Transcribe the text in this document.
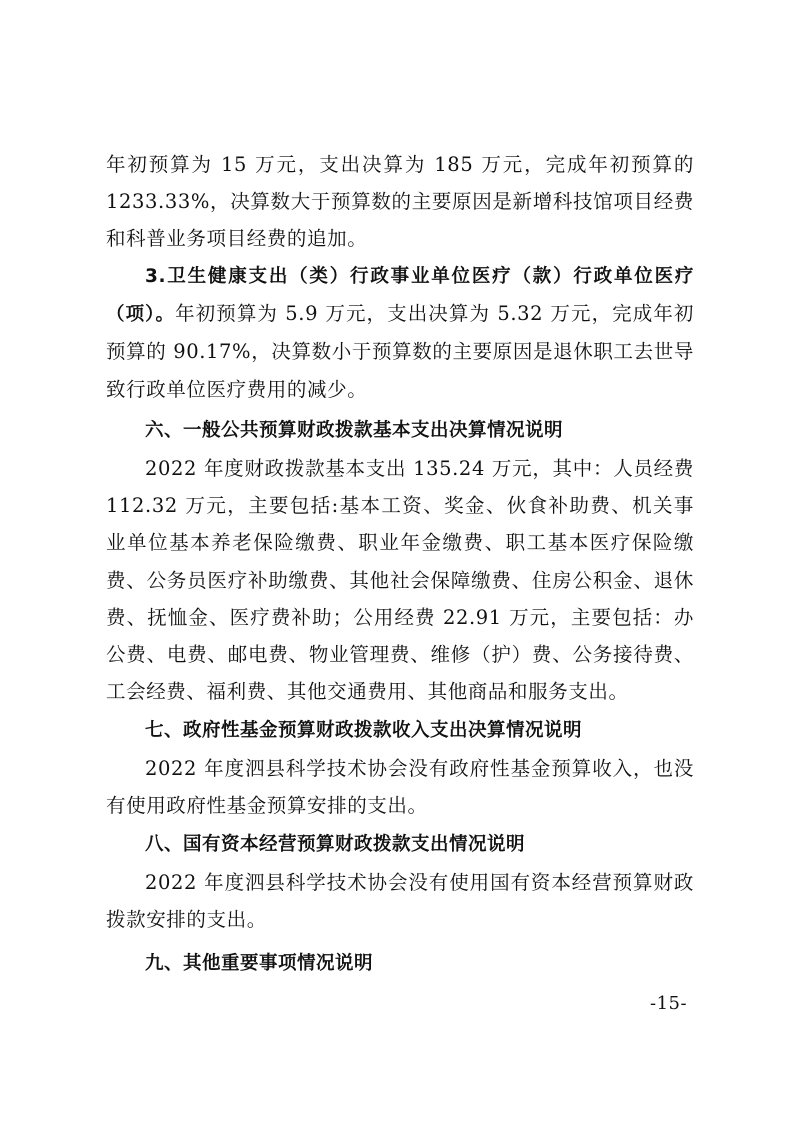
年初预算为 15 万元，支出决算为 185 万元，完成年初预算的 1233.33%，决算数大于预算数的主要原因是新增科技馆项目经费和科普业务项目经费的追加。

3.卫生健康支出（类）行政事业单位医疗（款）行政单位医疗（项）。年初预算为 5.9 万元，支出决算为 5.32 万元，完成年初预算的 90.17%，决算数小于预算数的主要原因是退休职工去世导致行政单位医疗费用的减少。

六、一般公共预算财政拨款基本支出决算情况说明

2022 年度财政拨款基本支出 135.24 万元，其中：人员经费 112.32 万元，主要包括:基本工资、奖金、伙食补助费、机关事业单位基本养老保险缴费、职业年金缴费、职工基本医疗保险缴费、公务员医疗补助缴费、其他社会保障缴费、住房公积金、退休费、抚恤金、医疗费补助；公用经费 22.91 万元，主要包括：办公费、电费、邮电费、物业管理费、维修（护）费、公务接待费、工会经费、福利费、其他交通费用、其他商品和服务支出。

七、政府性基金预算财政拨款收入支出决算情况说明

2022 年度泗县科学技术协会没有政府性基金预算收入，也没有使用政府性基金预算安排的支出。

八、国有资本经营预算财政拨款支出情况说明

2022 年度泗县科学技术协会没有使用国有资本经营预算财政拨款安排的支出。

九、其他重要事项情况说明
-15-
